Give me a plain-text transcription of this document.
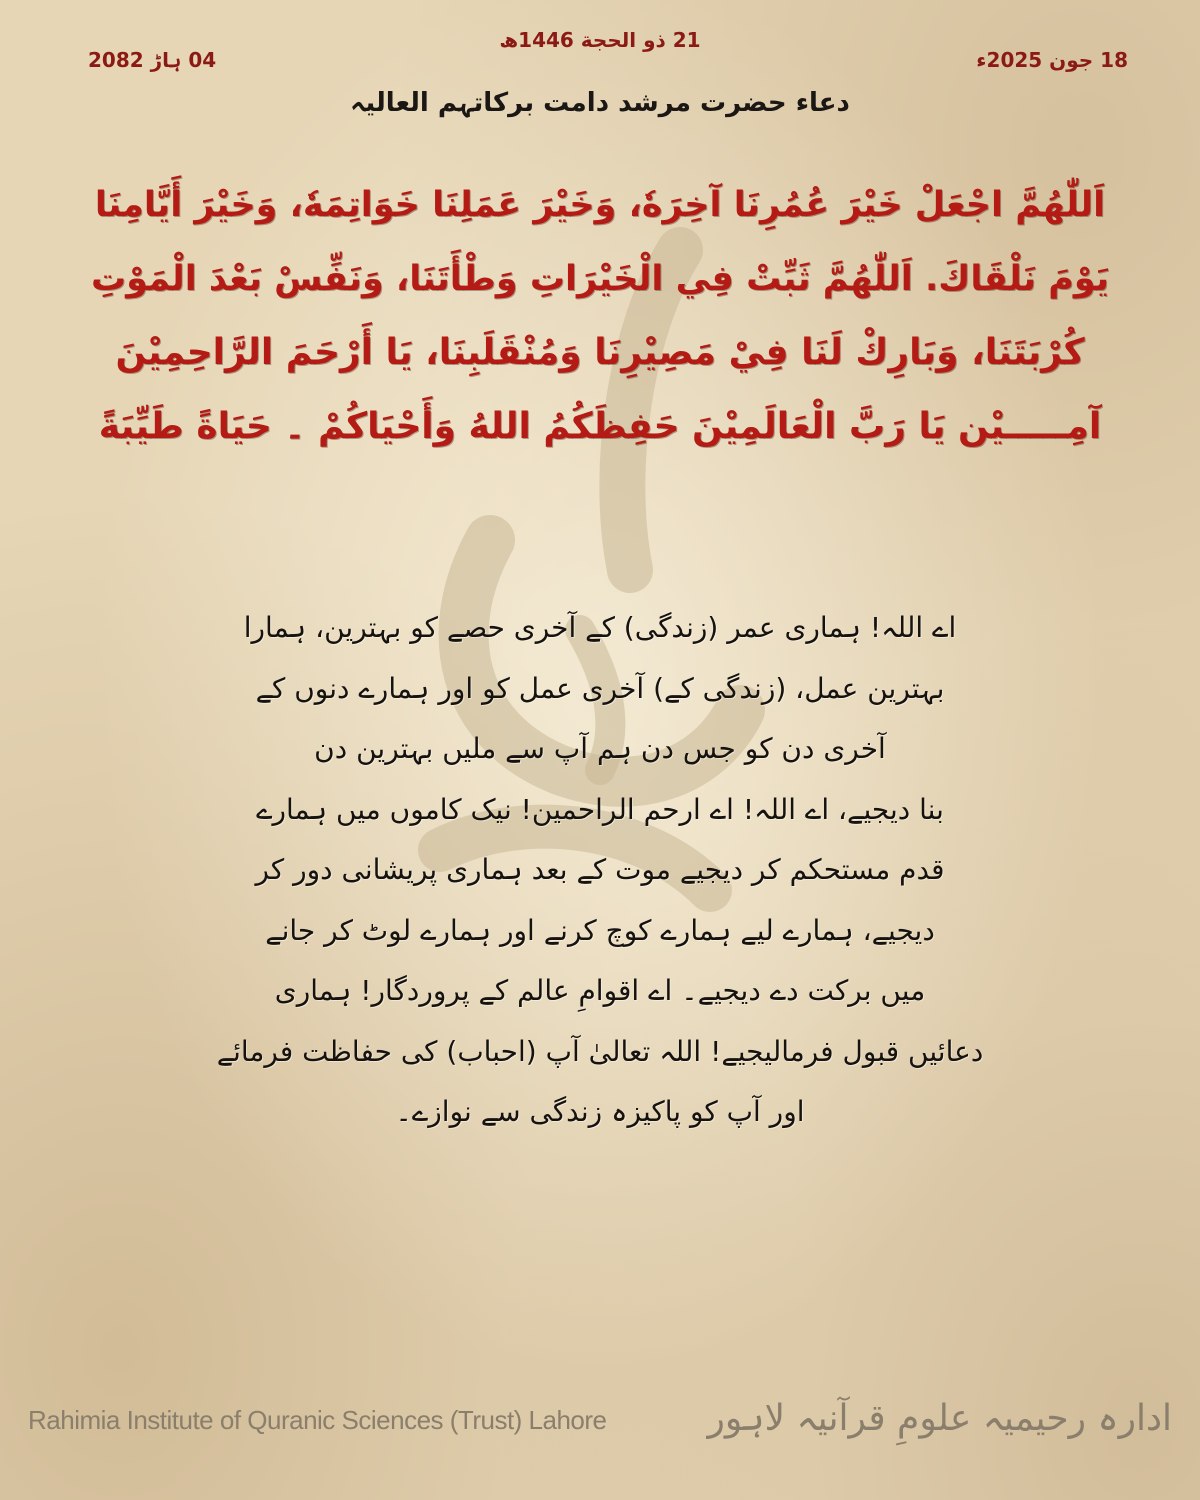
21 ذو الحجة 1446ھ
18 جون 2025ء
04 ہاڑ 2082
دعاء حضرت مرشد دامت برکاتہم العالیہ
اَللّٰهُمَّ اجْعَلْ خَيْرَ عُمُرِنَا آخِرَهٗ، وَخَيْرَ عَمَلِنَا خَوَاتِمَهٗ، وَخَيْرَ أَيَّامِنَا
يَوْمَ نَلْقَاكَ. اَللّٰهُمَّ ثَبِّتْ فِي الْخَيْرَاتِ وَطْأَتَنَا، وَنَفِّسْ بَعْدَ الْمَوْتِ
كُرْبَتَنَا، وَبَارِكْ لَنَا فِيْ مَصِيْرِنَا وَمُنْقَلَبِنَا، يَا أَرْحَمَ الرَّاحِمِيْنَ
آمِـــــيْن يَا رَبَّ الْعَالَمِيْنَ حَفِظَكُمُ اللهُ وَأَحْيَاكُمْ ۔ حَيَاةً طَيِّبَةً
اے اللہ! ہماری عمر (زندگی) کے آخری حصے کو بہترین، ہمارا
بہترین عمل، (زندگی کے) آخری عمل کو اور ہمارے دنوں کے
آخری دن کو جس دن ہم آپ سے ملیں بہترین دن
بنا دیجیے، اے اللہ! اے ارحم الراحمین! نیک کاموں میں ہمارے
قدم مستحکم کر دیجیے موت کے بعد ہماری پریشانی دور کر
دیجیے، ہمارے لیے ہمارے کوچ کرنے اور ہمارے لوٹ کر جانے
میں برکت دے دیجیے۔ اے اقوامِ عالم کے پروردگار! ہماری
دعائیں قبول فرمالیجیے! اللہ تعالیٰ آپ (احباب) کی حفاظت فرمائے
اور آپ کو پاکیزہ زندگی سے نوازے۔
Rahimia Institute of Quranic Sciences (Trust) Lahore	ادارہ رحیمیہ علومِ قرآنیہ لاہور
